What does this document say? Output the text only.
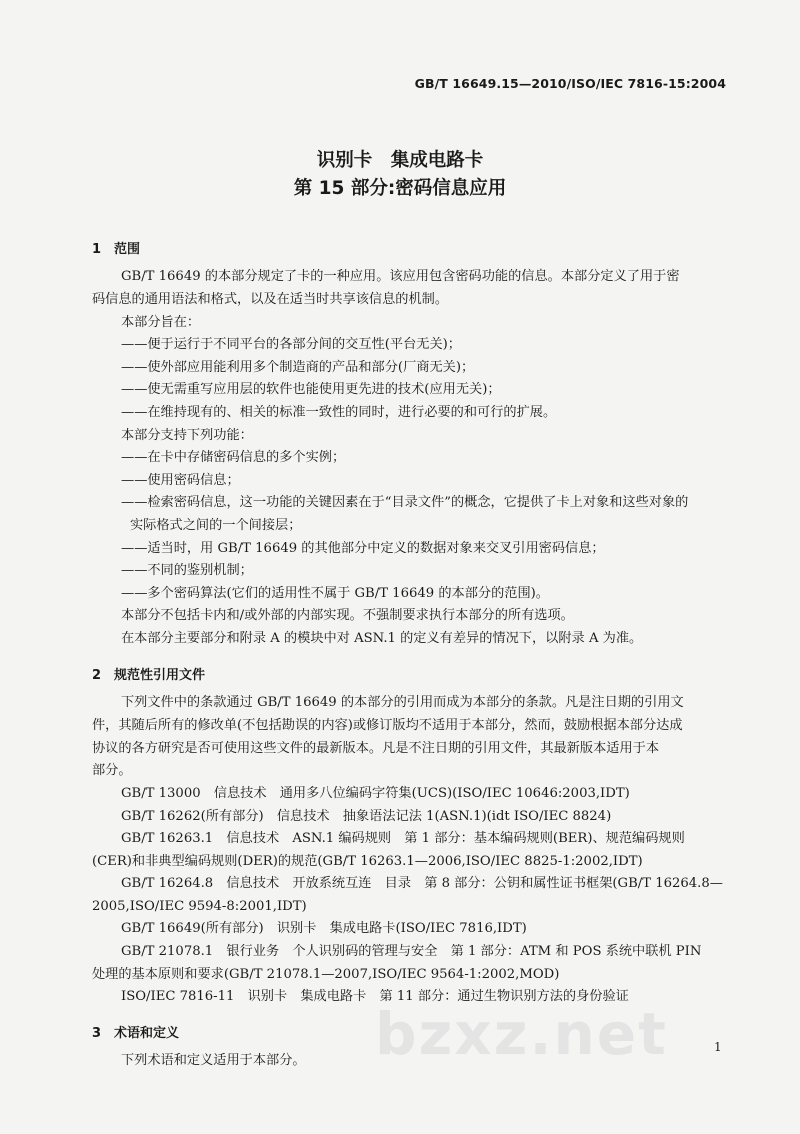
GB/T 16649.15—2010/ISO/IEC 7816-15:2004
识别卡　集成电路卡
第 15 部分:密码信息应用
1 范围
GB/T 16649 的本部分规定了卡的一种应用。该应用包含密码功能的信息。本部分定义了用于密
码信息的通用语法和格式，以及在适当时共享该信息的机制。
本部分旨在：
——便于运行于不同平台的各部分间的交互性(平台无关)；
——使外部应用能利用多个制造商的产品和部分(厂商无关)；
——使无需重写应用层的软件也能使用更先进的技术(应用无关)；
——在维持现有的、相关的标准一致性的同时，进行必要的和可行的扩展。
本部分支持下列功能：
——在卡中存储密码信息的多个实例；
——使用密码信息；
——检索密码信息，这一功能的关键因素在于“目录文件”的概念，它提供了卡上对象和这些对象的
实际格式之间的一个间接层；
——适当时，用 GB/T 16649 的其他部分中定义的数据对象来交叉引用密码信息；
——不同的鉴别机制；
——多个密码算法(它们的适用性不属于 GB/T 16649 的本部分的范围)。
本部分不包括卡内和/或外部的内部实现。不强制要求执行本部分的所有选项。
在本部分主要部分和附录 A 的模块中对 ASN.1 的定义有差异的情况下，以附录 A 为准。
2 规范性引用文件
下列文件中的条款通过 GB/T 16649 的本部分的引用而成为本部分的条款。凡是注日期的引用文
件，其随后所有的修改单(不包括勘误的内容)或修订版均不适用于本部分，然而，鼓励根据本部分达成
协议的各方研究是否可使用这些文件的最新版本。凡是不注日期的引用文件，其最新版本适用于本
部分。
GB/T 13000　信息技术　通用多八位编码字符集(UCS)(ISO/IEC 10646:2003,IDT)
GB/T 16262(所有部分)　信息技术　抽象语法记法 1(ASN.1)(idt ISO/IEC 8824)
GB/T 16263.1　信息技术　ASN.1 编码规则　第 1 部分：基本编码规则(BER)、规范编码规则
(CER)和非典型编码规则(DER)的规范(GB/T 16263.1—2006,ISO/IEC 8825-1:2002,IDT)
GB/T 16264.8　信息技术　开放系统互连　目录　第 8 部分：公钥和属性证书框架(GB/T 16264.8—
2005,ISO/IEC 9594-8:2001,IDT)
GB/T 16649(所有部分)　识别卡　集成电路卡(ISO/IEC 7816,IDT)
GB/T 21078.1　银行业务　个人识别码的管理与安全　第 1 部分：ATM 和 POS 系统中联机 PIN
处理的基本原则和要求(GB/T 21078.1—2007,ISO/IEC 9564-1:2002,MOD)
ISO/IEC 7816-11　识别卡　集成电路卡　第 11 部分：通过生物识别方法的身份验证
3 术语和定义
下列术语和定义适用于本部分。 bzxz.net	1
